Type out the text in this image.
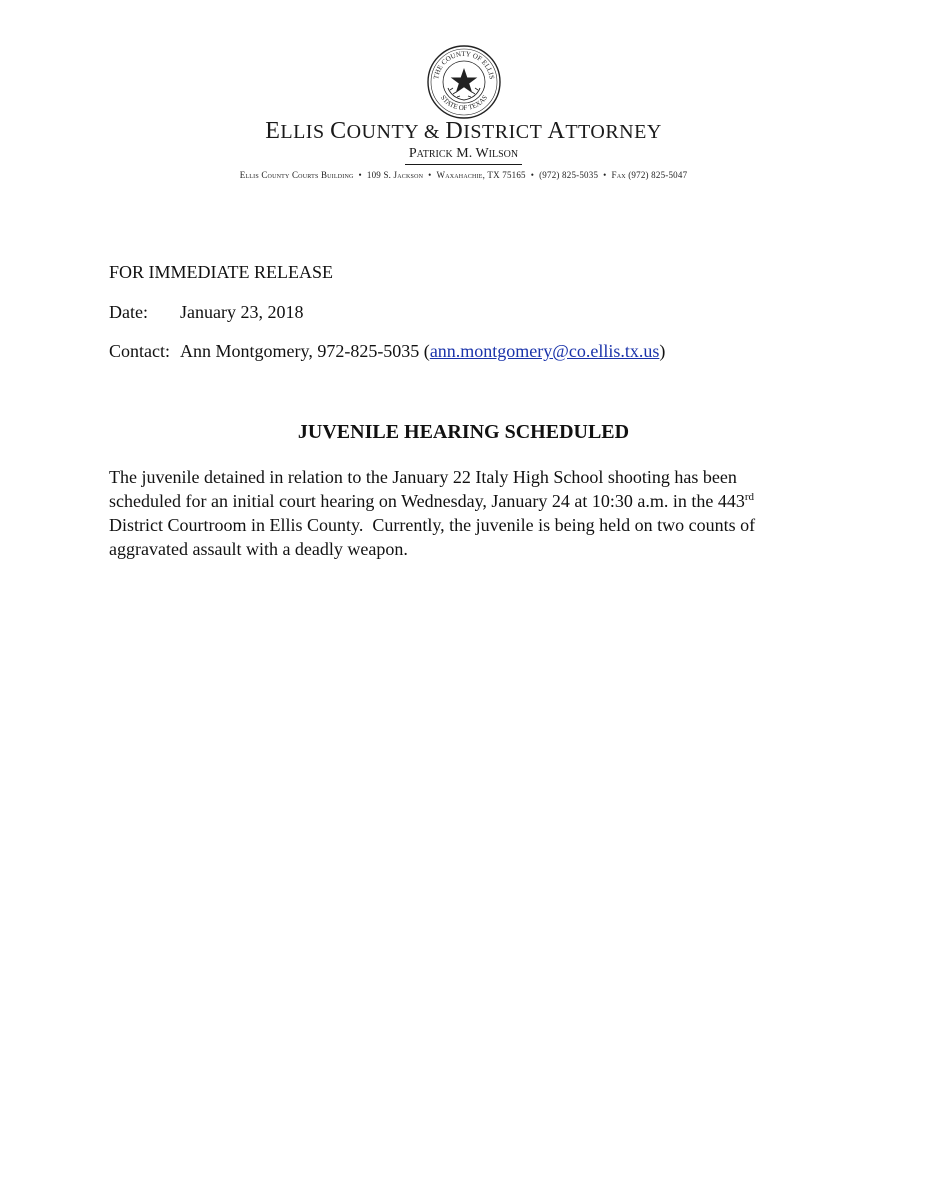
THE COUNTY OF ELLIS
STATE OF TEXAS
ELLIS COUNTY & DISTRICT ATTORNEY
Patrick M. Wilson
Ellis County Courts Building • 109 S. Jackson • Waxahachie, TX 75165 • (972) 825-5035 • Fax (972) 825-5047
FOR IMMEDIATE RELEASE
Date: January 23, 2018
Contact: Ann Montgomery, 972-825-5035 (ann.montgomery@co.ellis.tx.us)
JUVENILE HEARING SCHEDULED
The juvenile detained in relation to the January 22 Italy High School shooting has been
scheduled for an initial court hearing on Wednesday, January 24 at 10:30 a.m. in the 443rd
District Courtroom in Ellis County.  Currently, the juvenile is being held on two counts of
aggravated assault with a deadly weapon.
